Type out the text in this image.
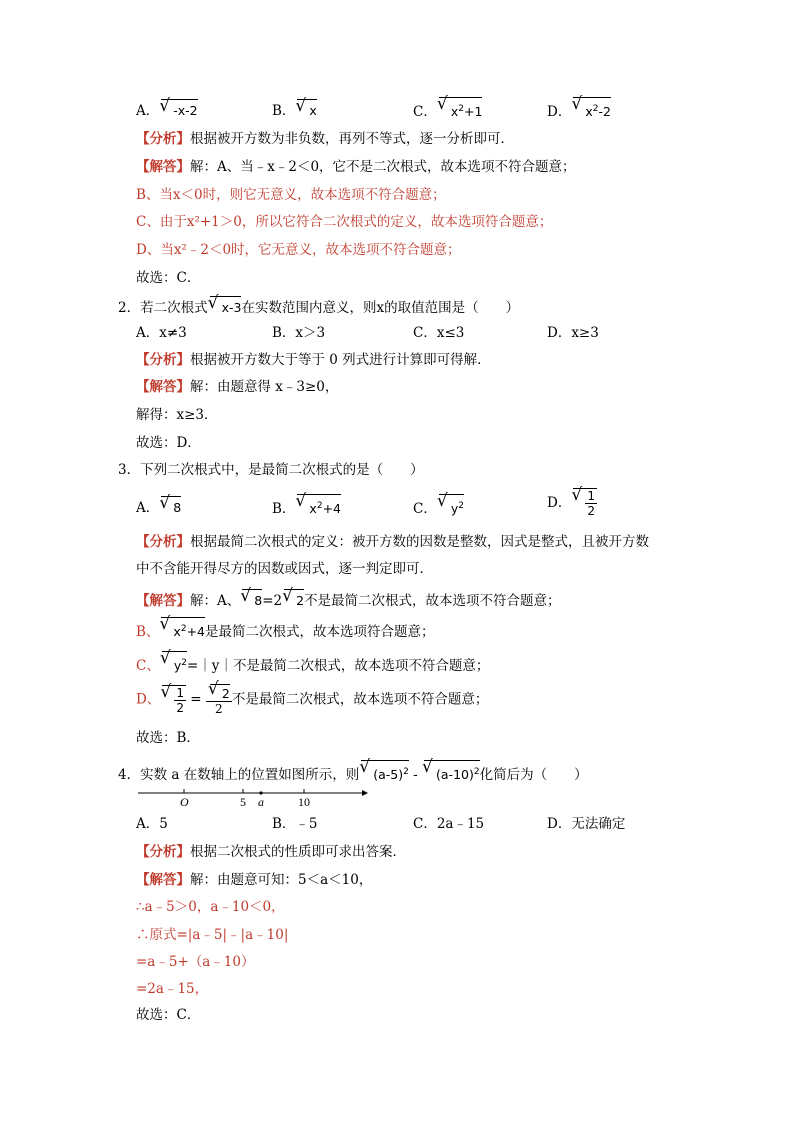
A． √ -x-2	B． √ x	C． √ $x^2+1$	D． √ $x^2-2$
【分析】根据被开方数为非负数，再列不等式，逐一分析即可．
【解答】解：A、当﹣x﹣2＜0，它不是二次根式，故本选项不符合题意；
B、当x＜0时，则它无意义，故本选项不符合题意；
C、由于x²+1＞0，所以它符合二次根式的定义，故本选项符合题意；
D、当x²﹣2＜0时，它无意义，故本选项不符合题意；
故选：C．
2．若二次根式 √ x-3在实数范围内意义，则x的取值范围是（　　）
A．x≠3	B．x＞3	C．x≤3	D．x≥3
【分析】根据被开方数大于等于 0 列式进行计算即可得解．
【解答】解：由题意得 x﹣3≥0，
解得：x≥3．
故选：D．
3．下列二次根式中，是最简二次根式的是（　　）
A． √ 8	B． √ $x^2+4$	C． √ $y^2$	D． √ $\frac{1}{2}$
【分析】根据最简二次根式的定义：被开方数的因数是整数，因式是整式，且被开方数
中不含能开得尽方的因数或因式，逐一判定即可．
【解答】解：A、 √ 8=2 √ 2不是最简二次根式，故本选项不符合题意；
B、 √ $x^2+4$是最简二次根式，故本选项符合题意；
C、 √ $y^2=|y|$不是最简二次根式，故本选项不符合题意；
D、 √ $\frac{1}{2}$ = √ $\frac{2}{2}$ 不是最简二次根式，故本选项不符合题意；
故选：B．
4．实数 a 在数轴上的位置如图所示，则 √ $(a-5)^2$ - √ $(a-10)^2$化简后为（　　）
O	5 a	10
A．5	B．﹣5	C．2a﹣15	D．无法确定
【分析】根据二次根式的性质即可求出答案．
【解答】解：由题意可知：5＜a＜10，
∴a﹣5＞0，a﹣10＜0，
∴原式=|a﹣5|﹣|a﹣10|
=a﹣5+（a﹣10）
=2a﹣15，
故选：C．
